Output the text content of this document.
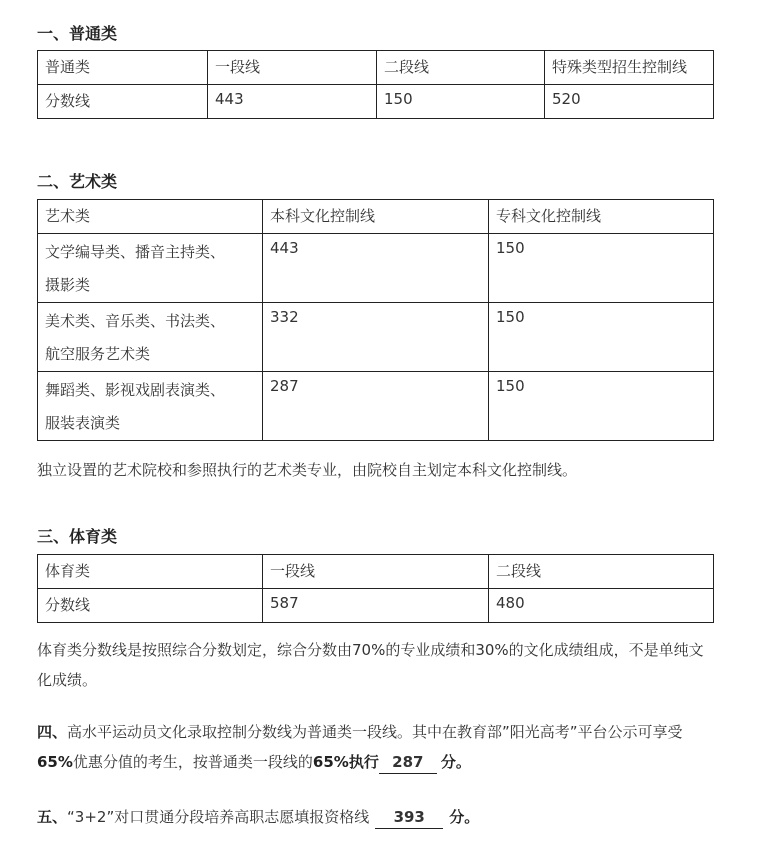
一、普通类
普通类	一段线	二段线	特殊类型招生控制线
分数线	443	150	520
二、艺术类
艺术类	本科文化控制线	专科文化控制线
文学编导类、播音主持类、
摄影类	443	150
美术类、音乐类、书法类、
航空服务艺术类	332	150
舞蹈类、影视戏剧表演类、
服装表演类	287	150
独立设置的艺术院校和参照执行的艺术类专业，由院校自主划定本科文化控制线。
三、体育类
体育类	一段线	二段线
分数线	587	480
体育类分数线是按照综合分数划定，综合分数由70%的专业成绩和30%的文化成绩组成，不是单纯文化成绩。
四、高水平运动员文化录取控制分数线为普通类一段线。其中在教育部”阳光高考”平台公示可享受65%优惠分值的考生，按普通类一段线的65%执行 287 分。
五、“3+2”对口贯通分段培养高职志愿填报资格线 393 分。
